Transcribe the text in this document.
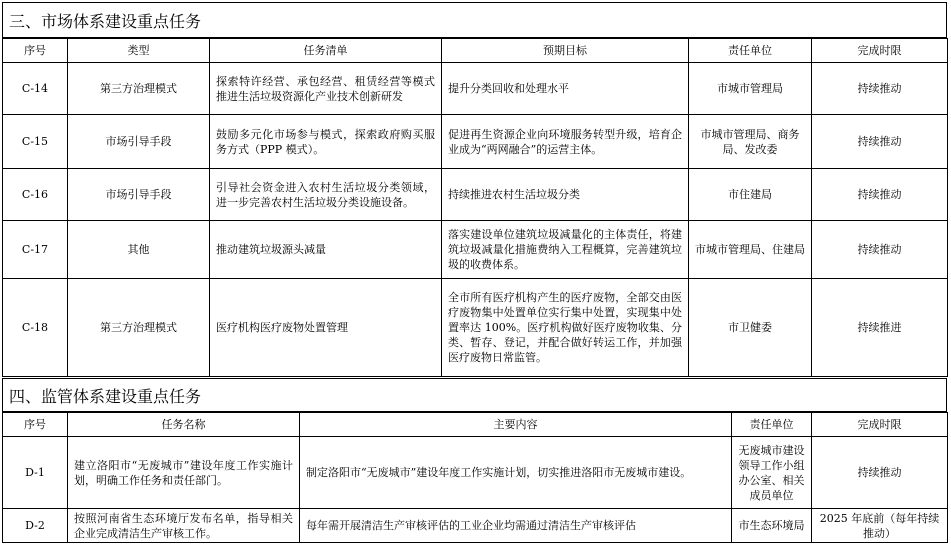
三、市场体系建设重点任务
序号	类型	任务清单	预期目标	责任单位	完成时限
C-14	第三方治理模式	探索特许经营、承包经营、租赁经营等模式推进生活垃圾资源化产业技术创新研发	提升分类回收和处理水平	市城市管理局	持续推动
C-15	市场引导手段	鼓励多元化市场参与模式，探索政府购买服务方式（PPP 模式）。	促进再生资源企业向环境服务转型升级，培育企业成为“两网融合”的运营主体。	市城市管理局、商务局、发改委	持续推动
C-16	市场引导手段	引导社会资金进入农村生活垃圾分类领域，进一步完善农村生活垃圾分类设施设备。	持续推进农村生活垃圾分类	市住建局	持续推动
C-17	其他	推动建筑垃圾源头减量	落实建设单位建筑垃圾减量化的主体责任，将建筑垃圾减量化措施费纳入工程概算，完善建筑垃圾的收费体系。	市城市管理局、住建局	持续推动
C-18	第三方治理模式	医疗机构医疗废物处置管理	全市所有医疗机构产生的医疗废物，全部交由医疗废物集中处置单位实行集中处置，实现集中处置率达 100%。医疗机构做好医疗废物收集、分类、暂存、登记，并配合做好转运工作，并加强医疗废物日常监管。	市卫健委	持续推进
四、监管体系建设重点任务
序号	任务名称	主要内容	责任单位	完成时限
D-1	建立洛阳市“无废城市”建设年度工作实施计划，明确工作任务和责任部门。	制定洛阳市“无废城市”建设年度工作实施计划，切实推进洛阳市无废城市建设。	无废城市建设领导工作小组办公室、相关成员单位	持续推动
D-2	按照河南省生态环境厅发布名单，指导相关企业完成清洁生产审核工作。	每年需开展清洁生产审核评估的工业企业均需通过清洁生产审核评估	市生态环境局	2025 年底前（每年持续推动）
